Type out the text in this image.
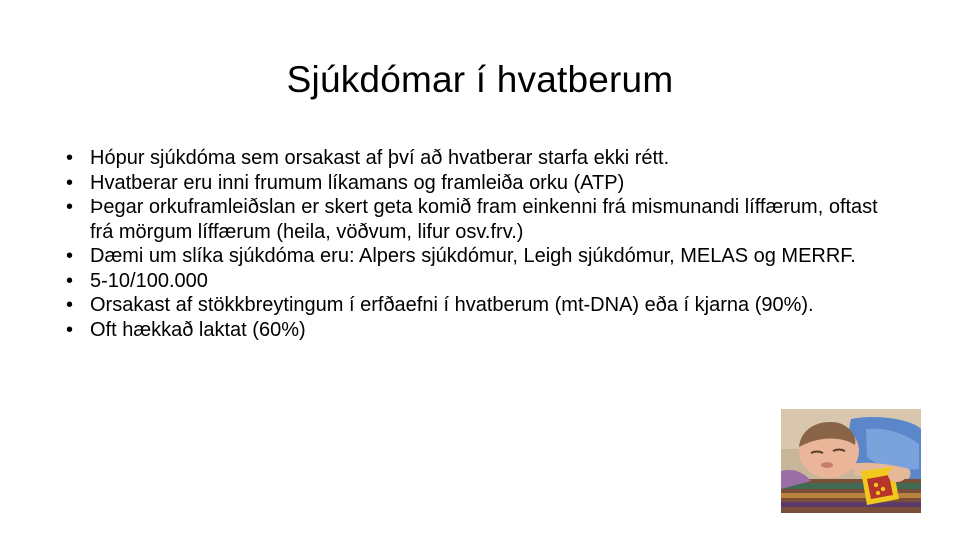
Sjúkdómar í hvatberum
• Hópur sjúkdóma sem orsakast af því að hvatberar starfa ekki rétt.
• Hvatberar eru inni frumum líkamans og framleiða orku (ATP)
• Þegar orkuframleiðslan er skert geta komið fram einkenni frá mismunandi líffærum, oftast frá mörgum líffærum (heila, vöðvum, lifur osv.frv.)
• Dæmi um slíka sjúkdóma eru: Alpers sjúkdómur, Leigh sjúkdómur, MELAS og MERRF.
• 5-10/100.000
• Orsakast af stökkbreytingum í erfðaefni í hvatberum (mt-DNA) eða í kjarna (90%).
• Oft hækkað laktat (60%)
